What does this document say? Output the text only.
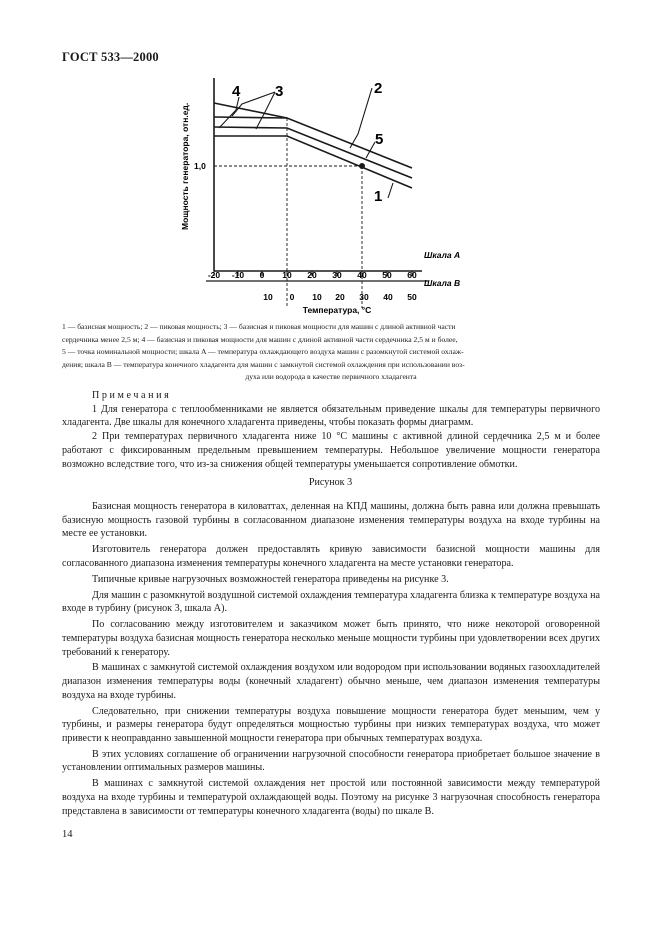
ГОСТ 533—2000
Мощность генератора, отн.ед. 1,0
4 3	2
5
1
Шкала A
Шкала B
-20 -10 0 10 20 30 40 50 60
10 0 10 20 30 40 50
Температура, °C
1 — базисная мощность; 2 — пиковая мощность; 3 — базисная и пиковая мощности для машин с длиной активной части
сердечника менее 2,5 м; 4 — базисная и пиковая мощности для машин с длиной активной части сердечника 2,5 м и более,
5 — точка номинальной мощности; шкала A — температура охлаждающего воздуха машин с разомкнутой системой охлаж-
дения; шкала B — температура конечного хладагента для машин с замкнутой системой охлаждения при использовании воз-
духа или водорода в качестве первичного хладагента
Примечания

1 Для генератора с теплообменниками не является обязательным приведение шкалы для температуры первичного хладагента. Две шкалы для конечного хладагента приведены, чтобы показать формы диаграмм.

2 При температурах первичного хладагента ниже 10 °С машины с активной длиной сердечника 2,5 м и более работают с фиксированным предельным превышением температуры. Небольшое увеличение мощности генератора возможно вследствие того, что из-за снижения общей температуры уменьшается сопротивление обмотки.

Рисунок 3

Базисная мощность генератора в киловаттах, деленная на КПД машины, должна быть равна или должна превышать базисную мощность газовой турбины в согласованном диапазоне изменения температуры воздуха на входе турбины на месте ее установки.

Изготовитель генератора должен предоставлять кривую зависимости базисной мощности машины для согласованного диапазона изменения температуры конечного хладагента на месте установки генератора.

Типичные кривые нагрузочных возможностей генератора приведены на рисунке 3.

Для машин с разомкнутой воздушной системой охлаждения температура хладагента близка к температуре воздуха на входе в турбину (рисунок 3, шкала A).

По согласованию между изготовителем и заказчиком может быть принято, что ниже некоторой оговоренной температуры воздуха базисная мощность генератора несколько меньше мощности турбины при удовлетворении всех других требований к генератору.

В машинах с замкнутой системой охлаждения воздухом или водородом при использовании водяных газоохладителей диапазон изменения температуры воды (конечный хладагент) обычно меньше, чем диапазон изменения температуры воздуха на входе турбины.

Следовательно, при снижении температуры воздуха повышение мощности генератора будет меньшим, чем у турбины, и размеры генератора будут определяться мощностью турбины при низких температурах воздуха, что может привести к неоправданно завышенной мощности генератора при обычных температурах воздуха.

В этих условиях соглашение об ограничении нагрузочной способности генератора приобретает большое значение в установлении оптимальных размеров машины.

В машинах с замкнутой системой охлаждения нет простой или постоянной зависимости между температурой воздуха на входе турбины и температурой охлаждающей воды. Поэтому на рисунке 3 нагрузочная способность генератора представлена в зависимости от температуры конечного хладагента (воды) по шкале B.

14
